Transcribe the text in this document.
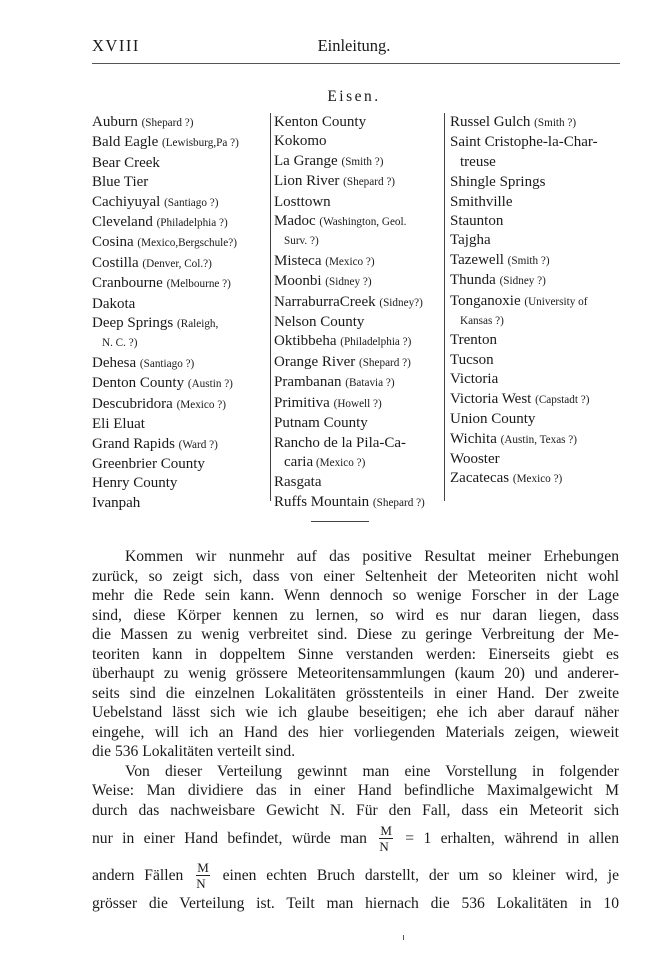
XVIII	Einleitung.
Eisen.
Auburn (Shepard ?)
Bald Eagle (Lewisburg,Pa ?)
Bear Creek
Blue Tier
Cachiyuyal (Santiago ?)
Cleveland (Philadelphia ?)
Cosina (Mexico,Bergschule?)
Costilla (Denver, Col.?)
Cranbourne (Melbourne ?)
Dakota
Deep Springs (Raleigh,
N. C. ?)
Dehesa (Santiago ?)
Denton County (Austin ?)
Descubridora (Mexico ?)
Eli Eluat
Grand Rapids (Ward ?)
Greenbrier County
Henry County
Ivanpah
Kenton County
Kokomo
La Grange (Smith ?)
Lion River (Shepard ?)
Losttown
Madoc (Washington, Geol.
Surv. ?)
Misteca (Mexico ?)
Moonbi (Sidney ?)
NarraburraCreek (Sidney?)
Nelson County
Oktibbeha (Philadelphia ?)
Orange River (Shepard ?)
Prambanan (Batavia ?)
Primitiva (Howell ?)
Putnam County
Rancho de la Pila-Ca-
caria (Mexico ?)
Rasgata
Ruffs Mountain (Shepard ?)
Russel Gulch (Smith ?)
Saint Cristophe-la-Char-
treuse
Shingle Springs
Smithville
Staunton
Tajgha
Tazewell (Smith ?)
Thunda (Sidney ?)
Tonganoxie (University of
Kansas ?)
Trenton
Tucson
Victoria
Victoria West (Capstadt ?)
Union County
Wichita (Austin, Texas ?)
Wooster
Zacatecas (Mexico ?)

Kommen wir nunmehr auf das positive Resultat meiner Erhebungen
zurück, so zeigt sich, dass von einer Seltenheit der Meteoriten nicht wohl
mehr die Rede sein kann. Wenn dennoch so wenige Forscher in der Lage
sind, diese Körper kennen zu lernen, so wird es nur daran liegen, dass
die Massen zu wenig verbreitet sind. Diese zu geringe Verbreitung der Me-
teoriten kann in doppeltem Sinne verstanden werden: Einerseits giebt es
überhaupt zu wenig grössere Meteoritensammlungen (kaum 20) und anderer-
seits sind die einzelnen Lokalitäten grösstenteils in einer Hand. Der zweite
Uebelstand lässt sich wie ich glaube beseitigen; ehe ich aber darauf näher
eingehe, will ich an Hand des hier vorliegenden Materials zeigen, wieweit
die 536 Lokalitäten verteilt sind.

Von dieser Verteilung gewinnt man eine Vorstellung in folgender
Weise: Man dividiere das in einer Hand befindliche Maximalgewicht M
durch das nachweisbare Gewicht N. Für den Fall, dass ein Meteorit sich

nur in einer Hand befindet, würde man $\frac{M}{N} = 1$ erhalten, während in allen
andern Fällen $\frac{M}{N}$ einen echten Bruch darstellt, der um so kleiner wird, je
grösser die Verteilung ist. Teilt man hiernach die 536 Lokalitäten in 10
